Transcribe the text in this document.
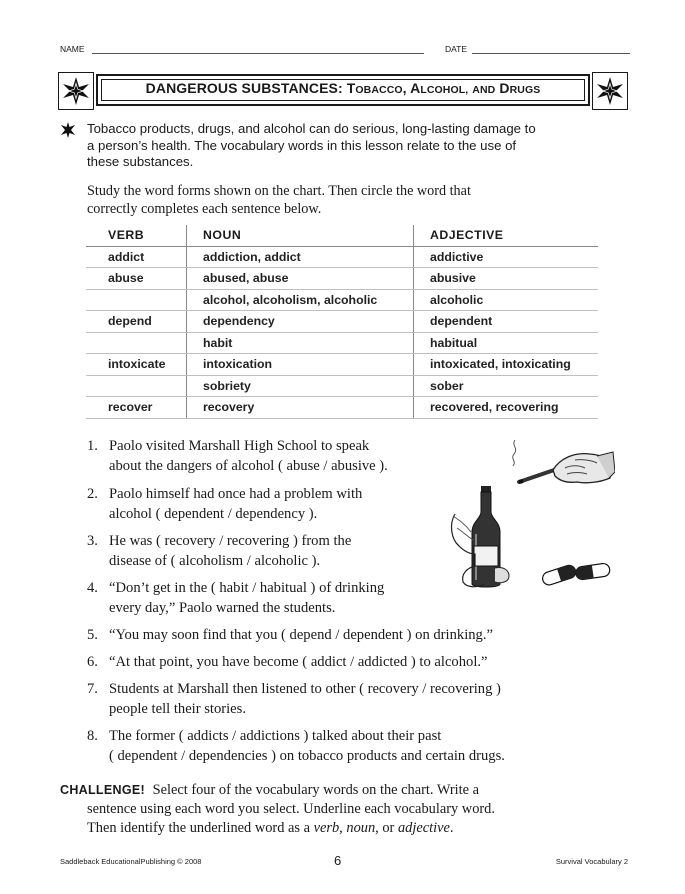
NAME	DATE
DANGEROUS SUBSTANCES: TOBACCO, ALCOHOL, AND DRUGS
Tobacco products, drugs, and alcohol can do serious, long-lasting damage to
a person’s health. The vocabulary words in this lesson relate to the use of
these substances.
Study the word forms shown on the chart. Then circle the word that
correctly completes each sentence below.
VERB	NOUN	ADJECTIVE
addict	addiction, addict	addictive
abuse	abused, abuse	abusive
	alcohol, alcoholism, alcoholic	alcoholic
depend	dependency	dependent
	habit	habitual
intoxicate	intoxication	intoxicated, intoxicating
	sobriety	sober
recover	recovery	recovered, recovering
1. Paolo visited Marshall High School to speak
about the dangers of alcohol ( abuse / abusive ).
2. Paolo himself had once had a problem with
alcohol ( dependent / dependency ).
3. He was ( recovery / recovering ) from the
disease of ( alcoholism / alcoholic ).
4. “Don’t get in the ( habit / habitual ) of drinking
every day,” Paolo warned the students.
5. “You may soon find that you ( depend / dependent ) on drinking.”
6. “At that point, you have become ( addict / addicted ) to alcohol.”
7. Students at Marshall then listened to other ( recovery / recovering )
people tell their stories.
8. The former ( addicts / addictions ) talked about their past
( dependent / dependencies ) on tobacco products and certain drugs.
CHALLENGE! Select four of the vocabulary words on the chart. Write a
sentence using each word you select. Underline each vocabulary word.
Then identify the underlined word as a verb, noun, or adjective.
Saddleback EducationalPublishing © 2008	6	Survival Vocabulary 2
